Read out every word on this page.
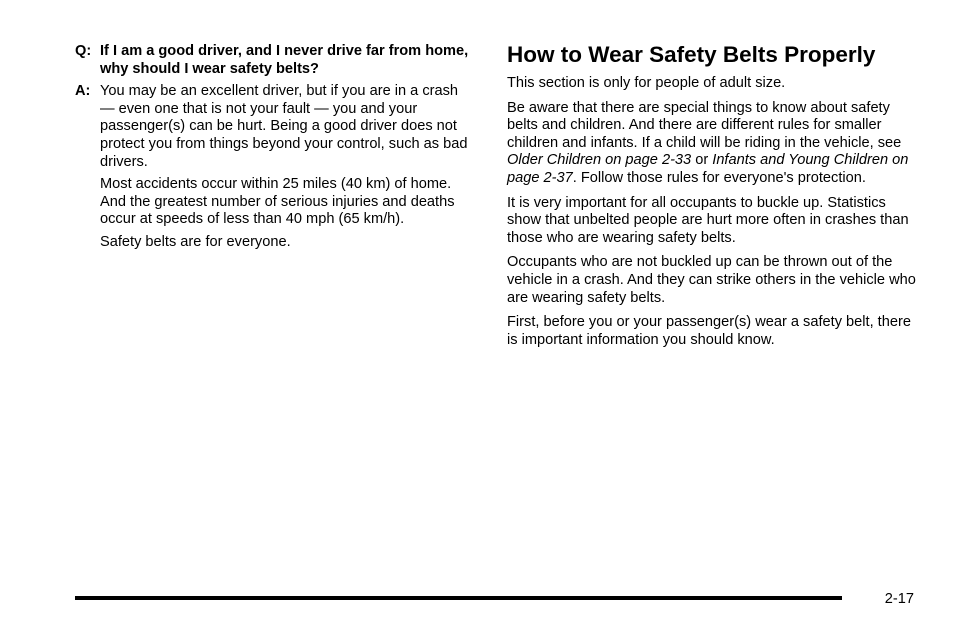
Q: If I am a good driver, and I never drive far from home, why should I wear safety belts?
A: You may be an excellent driver, but if you are in a crash — even one that is not your fault — you and your passenger(s) can be hurt. Being a good driver does not protect you from things beyond your control, such as bad drivers.
Most accidents occur within 25 miles (40 km) of home. And the greatest number of serious injuries and deaths occur at speeds of less than 40 mph (65 km/h).
Safety belts are for everyone.
How to Wear Safety Belts Properly

This section is only for people of adult size.

Be aware that there are special things to know about safety belts and children. And there are different rules for smaller children and infants. If a child will be riding in the vehicle, see Older Children on page 2-33 or Infants and Young Children on page 2-37. Follow those rules for everyone's protection.

It is very important for all occupants to buckle up. Statistics show that unbelted people are hurt more often in crashes than those who are wearing safety belts.

Occupants who are not buckled up can be thrown out of the vehicle in a crash. And they can strike others in the vehicle who are wearing safety belts.

First, before you or your passenger(s) wear a safety belt, there is important information you should know.

2-17
